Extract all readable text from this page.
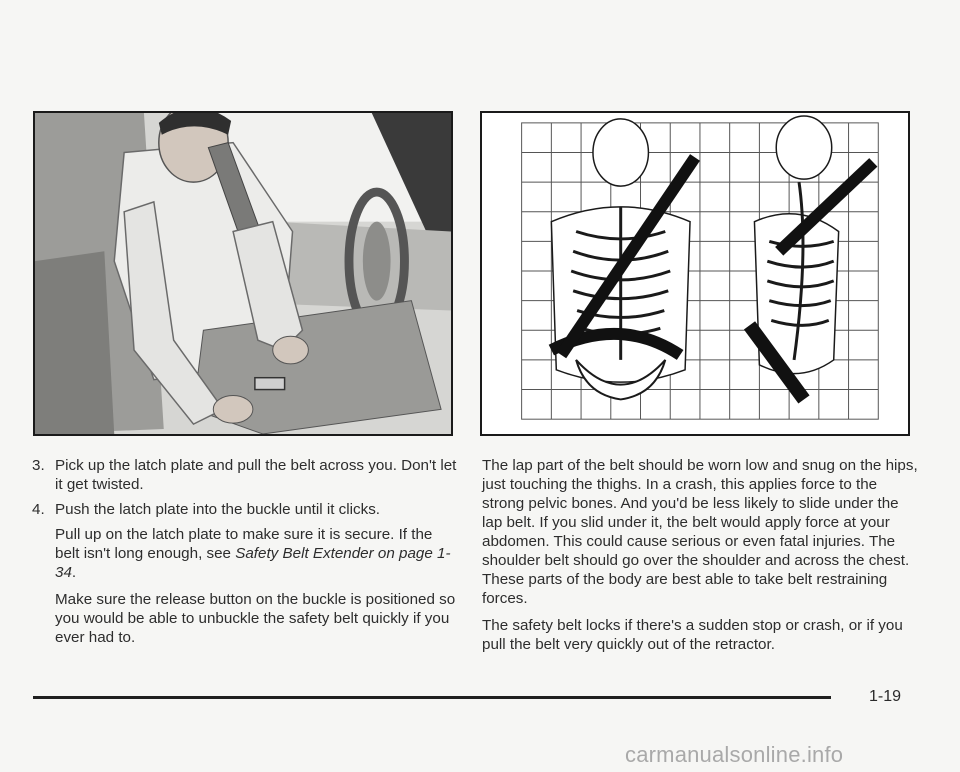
3. Pick up the latch plate and pull the belt across you. Don't let it get twisted.
4. Push the latch plate into the buckle until it clicks.

Pull up on the latch plate to make sure it is secure. If the belt isn't long enough, see Safety Belt Extender on page 1-34.

Make sure the release button on the buckle is positioned so you would be able to unbuckle the safety belt quickly if you ever had to.

The lap part of the belt should be worn low and snug on the hips, just touching the thighs. In a crash, this applies force to the strong pelvic bones. And you'd be less likely to slide under the lap belt. If you slid under it, the belt would apply force at your abdomen. This could cause serious or even fatal injuries. The shoulder belt should go over the shoulder and across the chest. These parts of the body are best able to take belt restraining forces.

The safety belt locks if there's a sudden stop or crash, or if you pull the belt very quickly out of the retractor.

1-19
carmanualsonline.info
